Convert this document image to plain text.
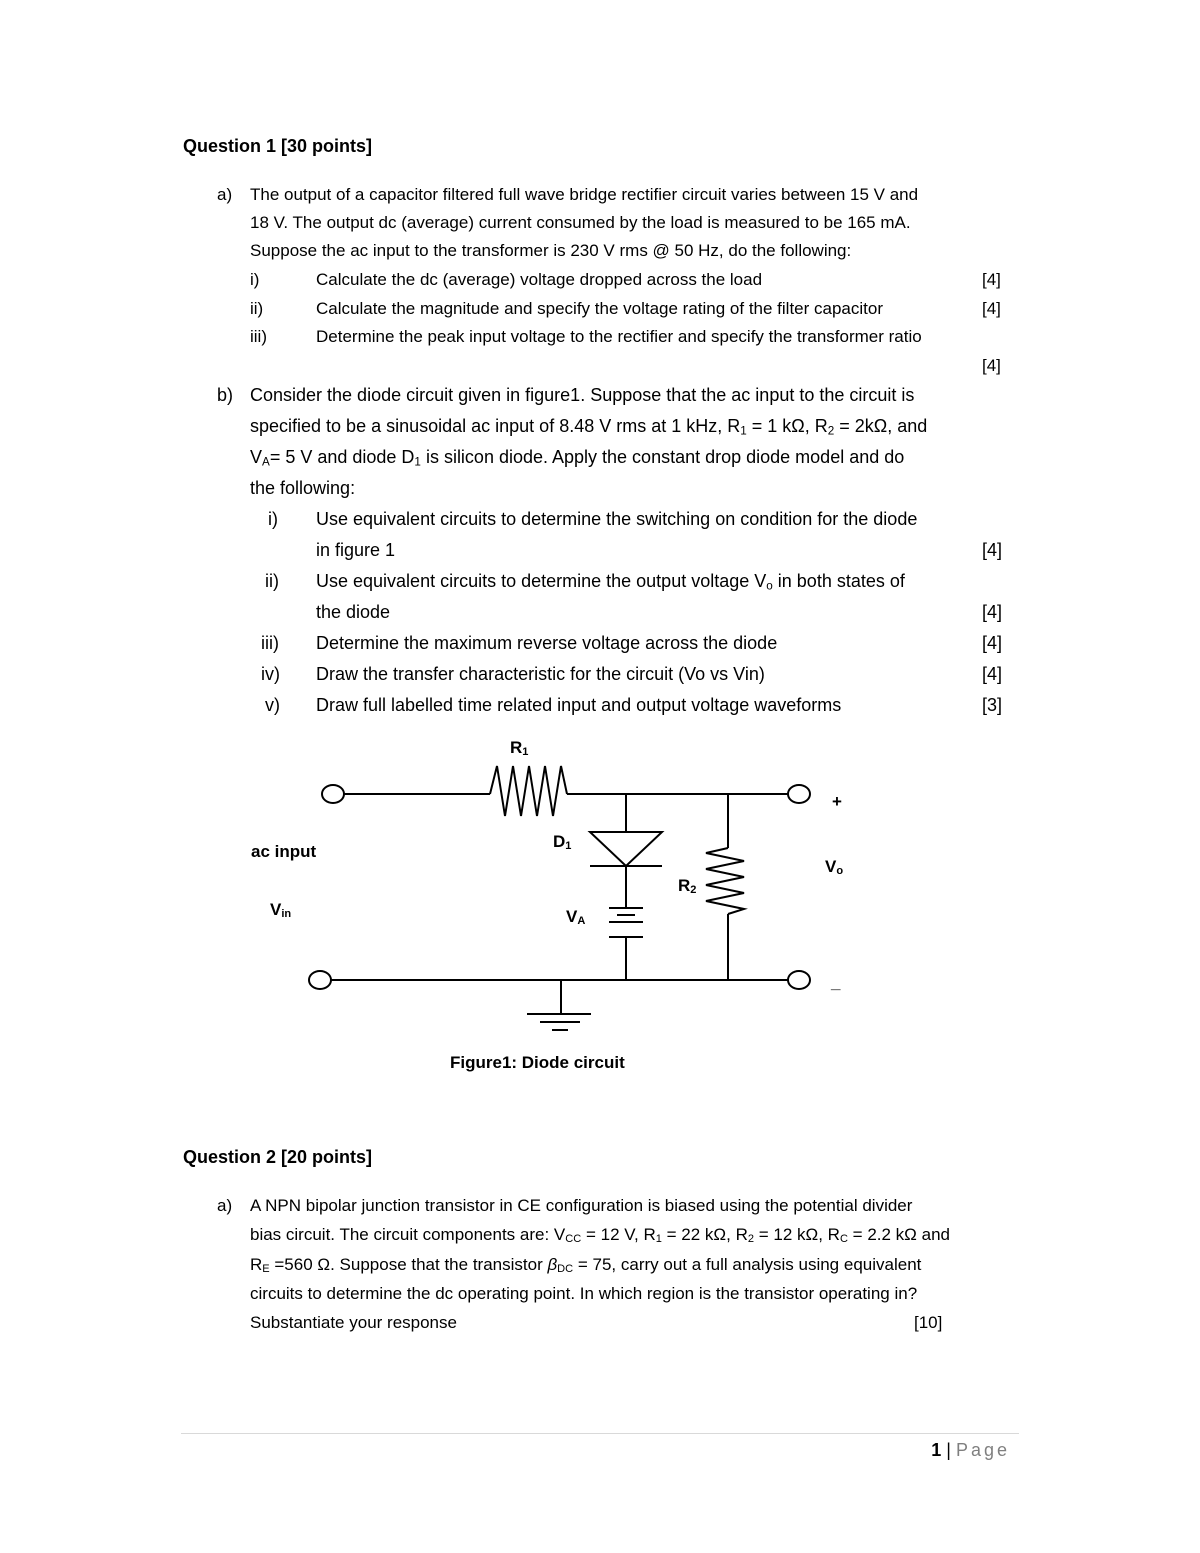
Question 1 [30 points]
a) The output of a capacitor filtered full wave bridge rectifier circuit varies between 15 V and
18 V. The output dc (average) current consumed by the load is measured to be 165 mA.
Suppose the ac input to the transformer is 230 V rms @ 50 Hz, do the following:
i)	Calculate the dc (average) voltage dropped across the load	[4]
ii)	Calculate the magnitude and specify the voltage rating of the filter capacitor	[4]
iii)	Determine the peak input voltage to the rectifier and specify the transformer ratio
[4]
b) Consider the diode circuit given in figure1. Suppose that the ac input to the circuit is
specified to be a sinusoidal ac input of 8.48 V rms at 1 kHz, $R_1 = 1$ kΩ, $R_2 = 2k\Omega$, and
$V_A= 5$ V and diode $D_1$ is silicon diode. Apply the constant drop diode model and do
the following:
i) Use equivalent circuits to determine the switching on condition for the diode
in figure 1	[4]
ii) Use equivalent circuits to determine the output voltage $V_o$ in both states of
the diode	[4]
iii) Determine the maximum reverse voltage across the diode	[4]
iv) Draw the transfer characteristic for the circuit (Vo vs Vin)	[4]
v) Draw full labelled time related input and output voltage waveforms	[3]
$R_1$
$D_1$
$R_2$
$V_A$
$V_o$
ac input
$V_{in}$
+
_
Figure1: Diode circuit
Question 2 [20 points]
a) A NPN bipolar junction transistor in CE configuration is biased using the potential divider
bias circuit. The circuit components are: $V_{CC} = 12$ V, $R_1 = 22$ kΩ, $R_2 = 12$ kΩ, $R_C = 2.2$ kΩ and
$R_E =560$ Ω. Suppose that the transistor $\beta_{DC} = 75$, carry out a full analysis using equivalent
circuits to determine the dc operating point. In which region is the transistor operating in?
Substantiate your response	[10]
1 | Page
